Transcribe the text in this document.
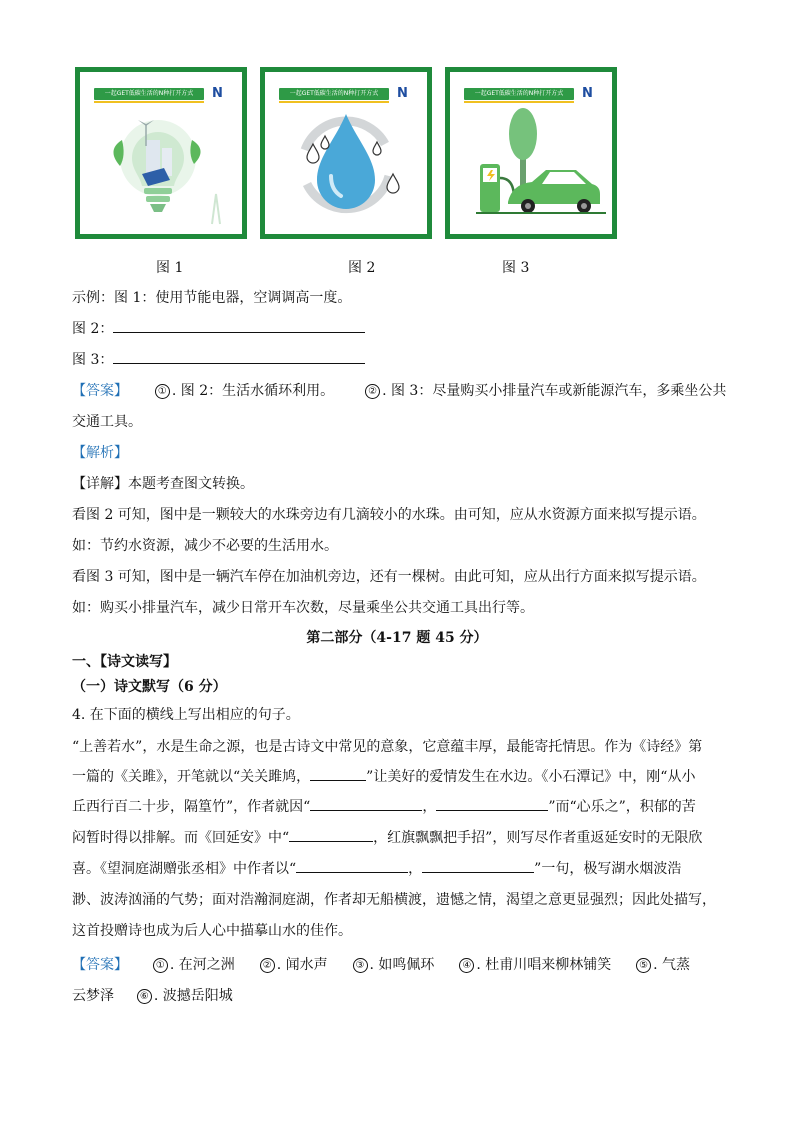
一起GET低碳生活的N种打开方式	N	一起GET低碳生活的N种打开方式	N	一起GET低碳生活的N种打开方式	N
图 1	图 2	图 3
示例：图 1：使用节能电器，空调调高一度。
图 2：
图 3：
【答案】	① . 图 2：生活水循环利用。	② . 图 3：尽量购买小排量汽车或新能源汽车，多乘坐公共
交通工具。
【解析】
【详解】本题考查图文转换。
看图 2 可知，图中是一颗较大的水珠旁边有几滴较小的水珠。由可知，应从水资源方面来拟写提示语。
如：节约水资源，减少不必要的生活用水。
看图 3 可知，图中是一辆汽车停在加油机旁边，还有一棵树。由此可知，应从出行方面来拟写提示语。
如：购买小排量汽车，减少日常开车次数，尽量乘坐公共交通工具出行等。
第二部分（4-17 题 45 分）
一、【诗文读写】
（一）诗文默写（6 分）
4. 在下面的横线上写出相应的句子。
“上善若水”，水是生命之源，也是古诗文中常见的意象，它意蕴丰厚，最能寄托情思。作为《诗经》第
一篇的《关雎》，开笔就以“关关雎鸠，	”让美好的爱情发生在水边。《小石潭记》中，刚“从小
丘西行百二十步，隔篁竹”，作者就因“	，	”而“心乐之”，积郁的苦
闷暂时得以排解。而《回延安》中“	，红旗飘飘把手招”，则写尽作者重返延安时的无限欣
喜。《望洞庭湖赠张丞相》中作者以“	，	”一句，极写湖水烟波浩
渺、波涛汹涌的气势；面对浩瀚洞庭湖，作者却无船横渡，遗憾之情，渴望之意更显强烈；因此处描写，
这首投赠诗也成为后人心中描摹山水的佳作。
【答案】	① . 在河之洲	② . 闻水声	③ . 如鸣佩环	④ . 杜甫川唱来柳林铺笑	⑤ . 气蒸
云梦泽	⑥ . 波撼岳阳城
